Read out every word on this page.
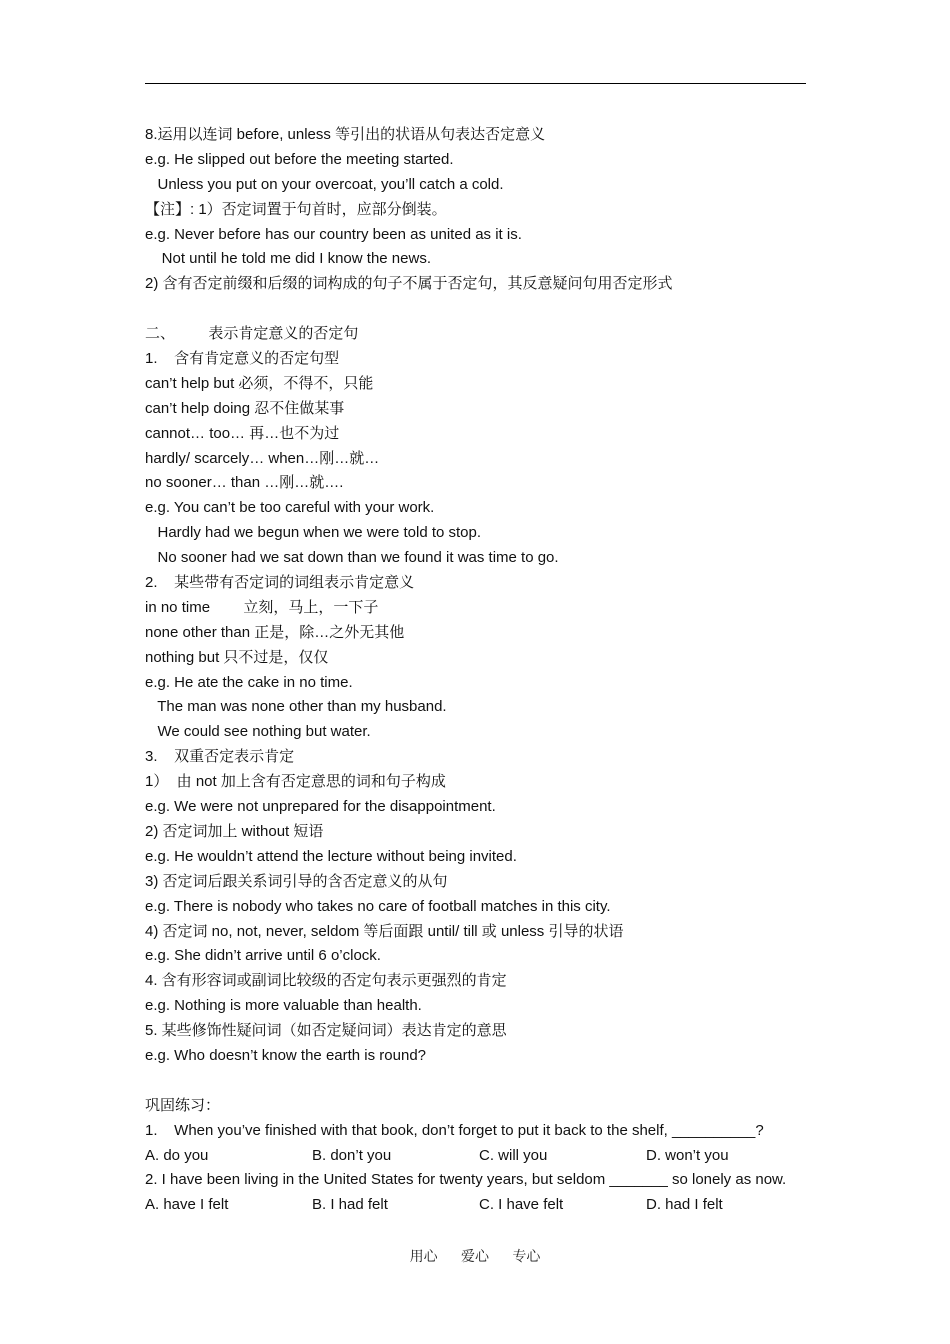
8.运用以连词 before, unless 等引出的状语从句表达否定意义
e.g. He slipped out before the meeting started.
Unless you put on your overcoat, you’ll catch a cold.
【注】: 1）否定词置于句首时，应部分倒装。
e.g. Never before has our country been as united as it is.
Not until he told me did I know the news.
2) 含有否定前缀和后缀的词构成的句子不属于否定句，其反意疑问句用否定形式
二、        表示肯定意义的否定句
1.    含有肯定意义的否定句型
can’t help but 必须，不得不，只能
can’t help doing 忍不住做某事
cannot… too… 再…也不为过
hardly/ scarcely… when…刚…就…
no sooner… than …刚…就….
e.g. You can’t be too careful with your work.
Hardly had we begun when we were told to stop.
No sooner had we sat down than we found it was time to go.
2.    某些带有否定词的词组表示肯定意义
in no time        立刻，马上，一下子
none other than 正是，除…之外无其他
nothing but 只不过是，仅仅
e.g. He ate the cake in no time.
The man was none other than my husband.
We could see nothing but water.
3.    双重否定表示肯定
1）  由 not 加上含有否定意思的词和句子构成
e.g. We were not unprepared for the disappointment.
2) 否定词加上 without 短语
e.g. He wouldn’t attend the lecture without being invited.
3) 否定词后跟关系词引导的含否定意义的从句
e.g. There is nobody who takes no care of football matches in this city.
4) 否定词 no, not, never, seldom 等后面跟 until/ till 或 unless 引导的状语
e.g. She didn’t arrive until 6 o’clock.
4. 含有形容词或副词比较级的否定句表示更强烈的肯定
e.g. Nothing is more valuable than health.
5. 某些修饰性疑问词（如否定疑问词）表达肯定的意思
e.g. Who doesn’t know the earth is round?
巩固练习：
1.    When you’ve finished with that book, don’t forget to put it back to the shelf, __________?
A. do you	B. don’t you	C. will you	D. won’t you
2. I have been living in the United States for twenty years, but seldom _______ so lonely as now.
A. have I felt	B. I had felt	C. I have felt	D. had I felt
用心      爱心      专心
